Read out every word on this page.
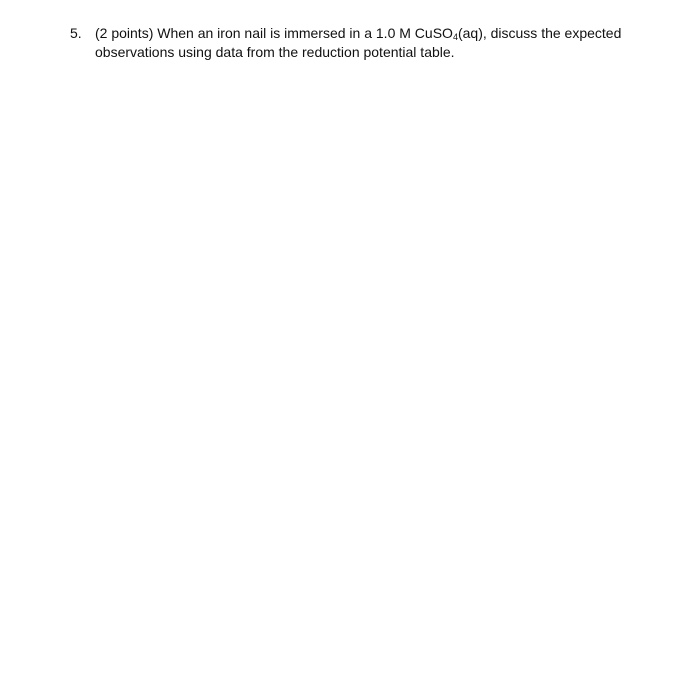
5. (2 points) When an iron nail is immersed in a 1.0 M CuSO$_4$(aq), discuss the expected
observations using data from the reduction potential table.
